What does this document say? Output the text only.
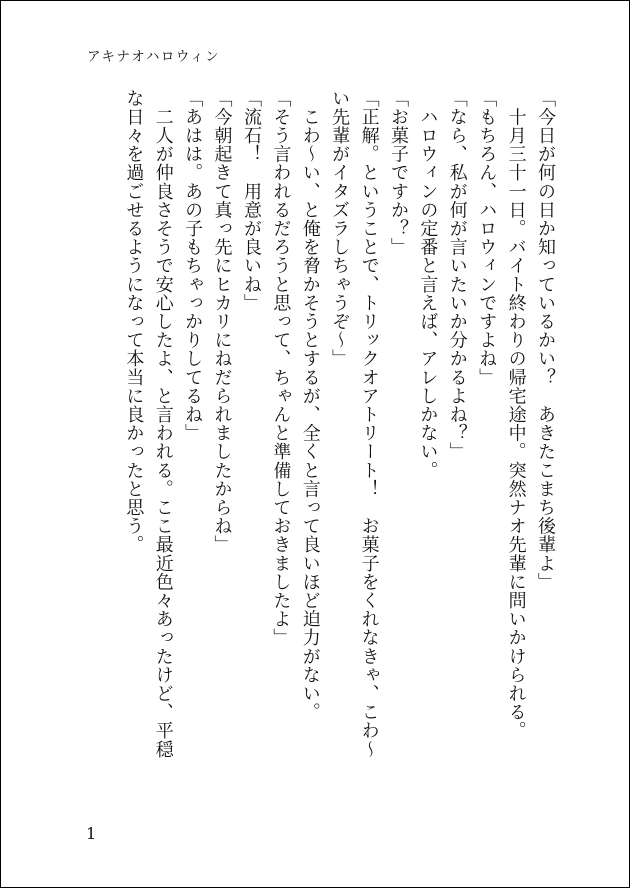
アキナオハロウィン
「今日が何の日か知っているかい？　あきたこまち後輩よ」
　十月三十一日。バイト終わりの帰宅途中。突然ナオ先輩に問いかけられる。
「もちろん、ハロウィンですよね」
「なら、私が何が言いたいか分かるよね？」
　ハロウィンの定番と言えば、アレしかない。
「お菓子ですか？」
「正解。ということで、トリックオアトリート！　お菓子をくれなきゃ、こわ～
い先輩がイタズラしちゃうぞ～」
　こわ～い、と俺を脅かそうとするが、全くと言って良いほど迫力がない。
「そう言われるだろうと思って、ちゃんと準備しておきましたよ」
「流石！　用意が良いね」
「今朝起きて真っ先にヒカリにねだられましたからね」
「あはは。あの子もちゃっかりしてるね」
　二人が仲良さそうで安心したよ、と言われる。ここ最近色々あったけど、平穏
な日々を過ごせるようになって本当に良かったと思う。
1
